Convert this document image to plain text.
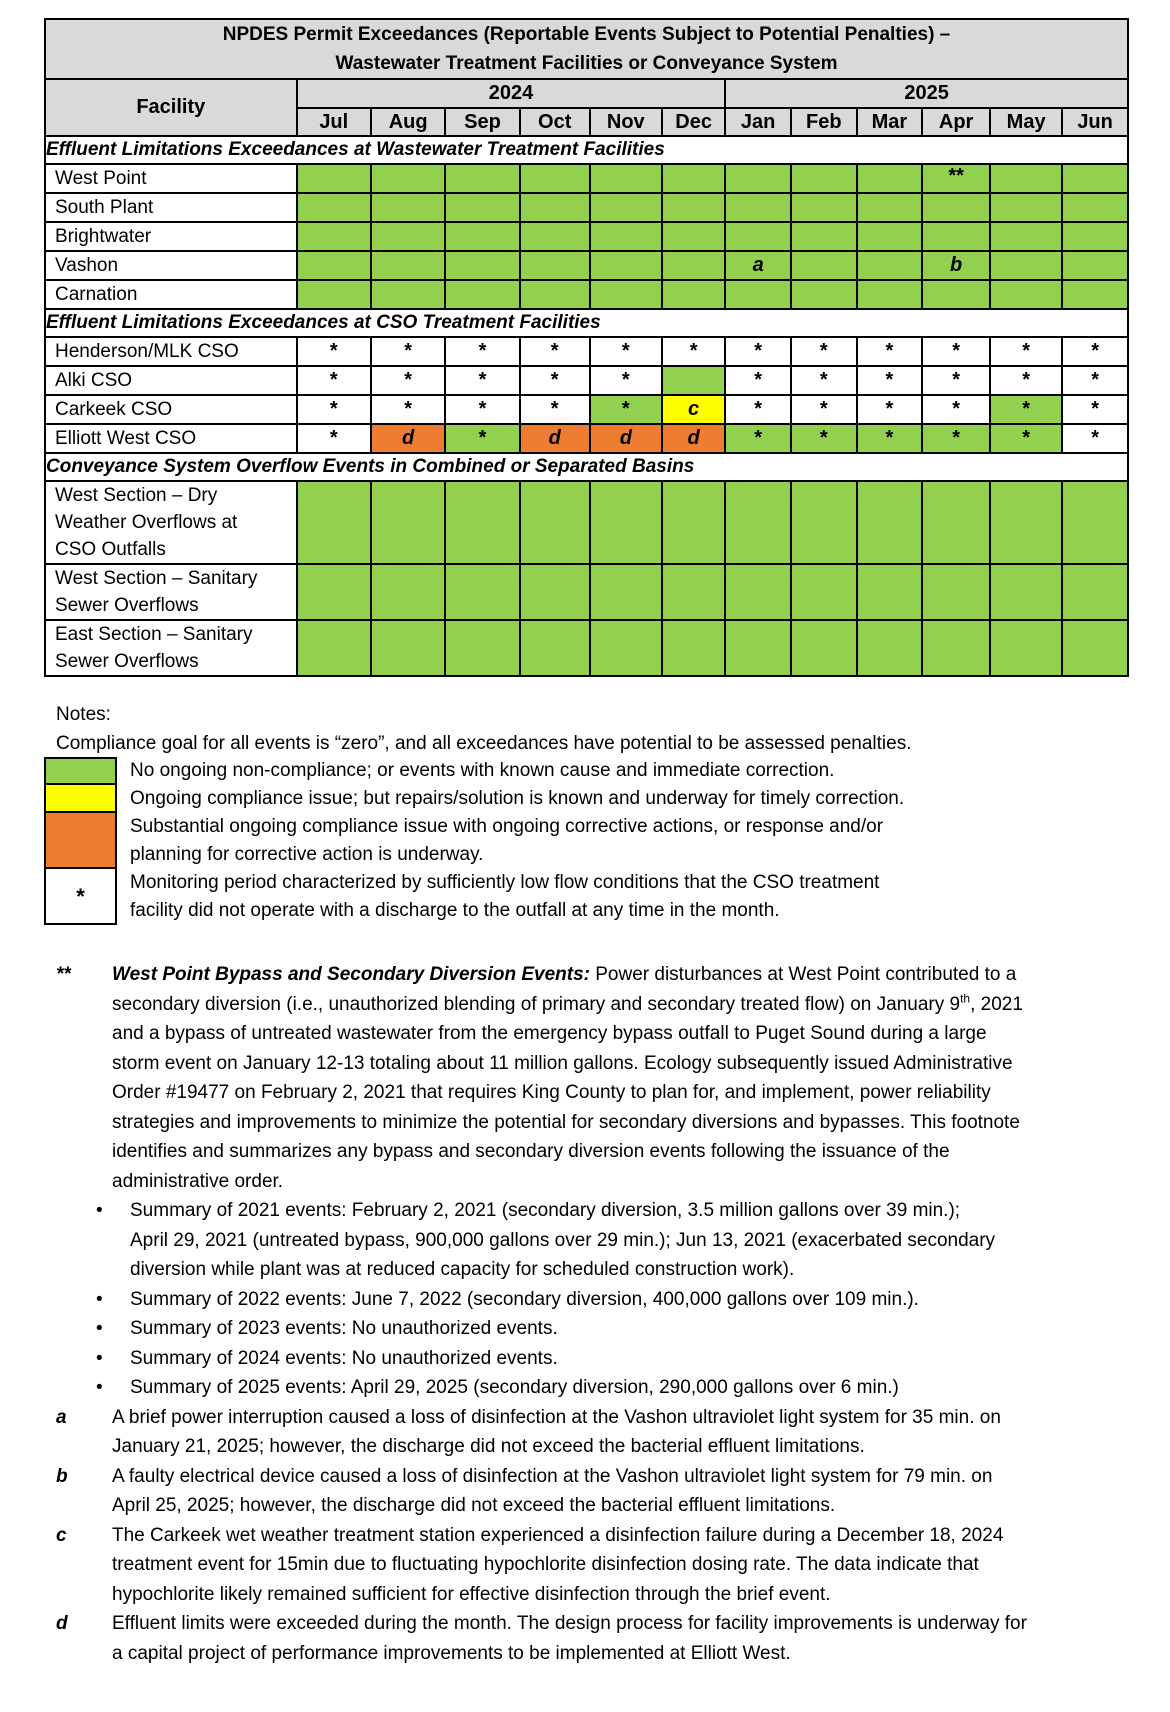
NPDES Permit Exceedances (Reportable Events Subject to Potential Penalties) –
Wastewater Treatment Facilities or Conveyance System												

Facility	2024						2025					
	Jul	Aug	Sep	Oct	Nov	Dec	Jan	Feb	Mar	Apr	May	Jun
Effluent Limitations Exceedances at Wastewater Treatment Facilities												
West Point										**		
South Plant												
Brightwater												
Vashon							a			b		
Carnation												
Effluent Limitations Exceedances at CSO Treatment Facilities												
Henderson/MLK CSO	*	*	*	*	*	*	*	*	*	*	*	*
Alki CSO	*	*	*	*	*		*	*	*	*	*	*
Carkeek CSO	*	*	*	*	*	c	*	*	*	*	*	*
Elliott West CSO	*	d	*	d	d	d	*	*	*	*	*	*
Conveyance System Overflow Events in Combined or Separated Basins												

West Section – Dry
Weather Overflows at
CSO Outfalls												

West Section – Sanitary
Sewer Overflows												

East Section – Sanitary
Sewer Overflows												

Notes:
Compliance goal for all events is “zero”, and all exceedances have potential to be assessed penalties.
No ongoing non-compliance; or events with known cause and immediate correction.
Ongoing compliance issue; but repairs/solution is known and underway for timely correction.
Substantial ongoing compliance issue with ongoing corrective actions, or response and/or
planning for corrective action is underway.
*
Monitoring period characterized by sufficiently low flow conditions that the CSO treatment
facility did not operate with a discharge to the outfall at any time in the month.
** West Point Bypass and Secondary Diversion Events: Power disturbances at West Point contributed to a
secondary diversion (i.e., unauthorized blending of primary and secondary treated flow) on January 9th, 2021
and a bypass of untreated wastewater from the emergency bypass outfall to Puget Sound during a large
storm event on January 12-13 totaling about 11 million gallons. Ecology subsequently issued Administrative
Order #19477 on February 2, 2021 that requires King County to plan for, and implement, power reliability
strategies and improvements to minimize the potential for secondary diversions and bypasses. This footnote
identifies and summarizes any bypass and secondary diversion events following the issuance of the
administrative order.
• Summary of 2021 events: February 2, 2021 (secondary diversion, 3.5 million gallons over 39 min.);
April 29, 2021 (untreated bypass, 900,000 gallons over 29 min.); Jun 13, 2021 (exacerbated secondary
diversion while plant was at reduced capacity for scheduled construction work).
• Summary of 2022 events: June 7, 2022 (secondary diversion, 400,000 gallons over 109 min.).
• Summary of 2023 events: No unauthorized events.
• Summary of 2024 events: No unauthorized events.
• Summary of 2025 events: April 29, 2025 (secondary diversion, 290,000 gallons over 6 min.)
a A brief power interruption caused a loss of disinfection at the Vashon ultraviolet light system for 35 min. on
January 21, 2025; however, the discharge did not exceed the bacterial effluent limitations.
b A faulty electrical device caused a loss of disinfection at the Vashon ultraviolet light system for 79 min. on
April 25, 2025; however, the discharge did not exceed the bacterial effluent limitations.
c The Carkeek wet weather treatment station experienced a disinfection failure during a December 18, 2024
treatment event for 15min due to fluctuating hypochlorite disinfection dosing rate. The data indicate that
hypochlorite likely remained sufficient for effective disinfection through the brief event.
d Effluent limits were exceeded during the month. The design process for facility improvements is underway for
a capital project of performance improvements to be implemented at Elliott West.
